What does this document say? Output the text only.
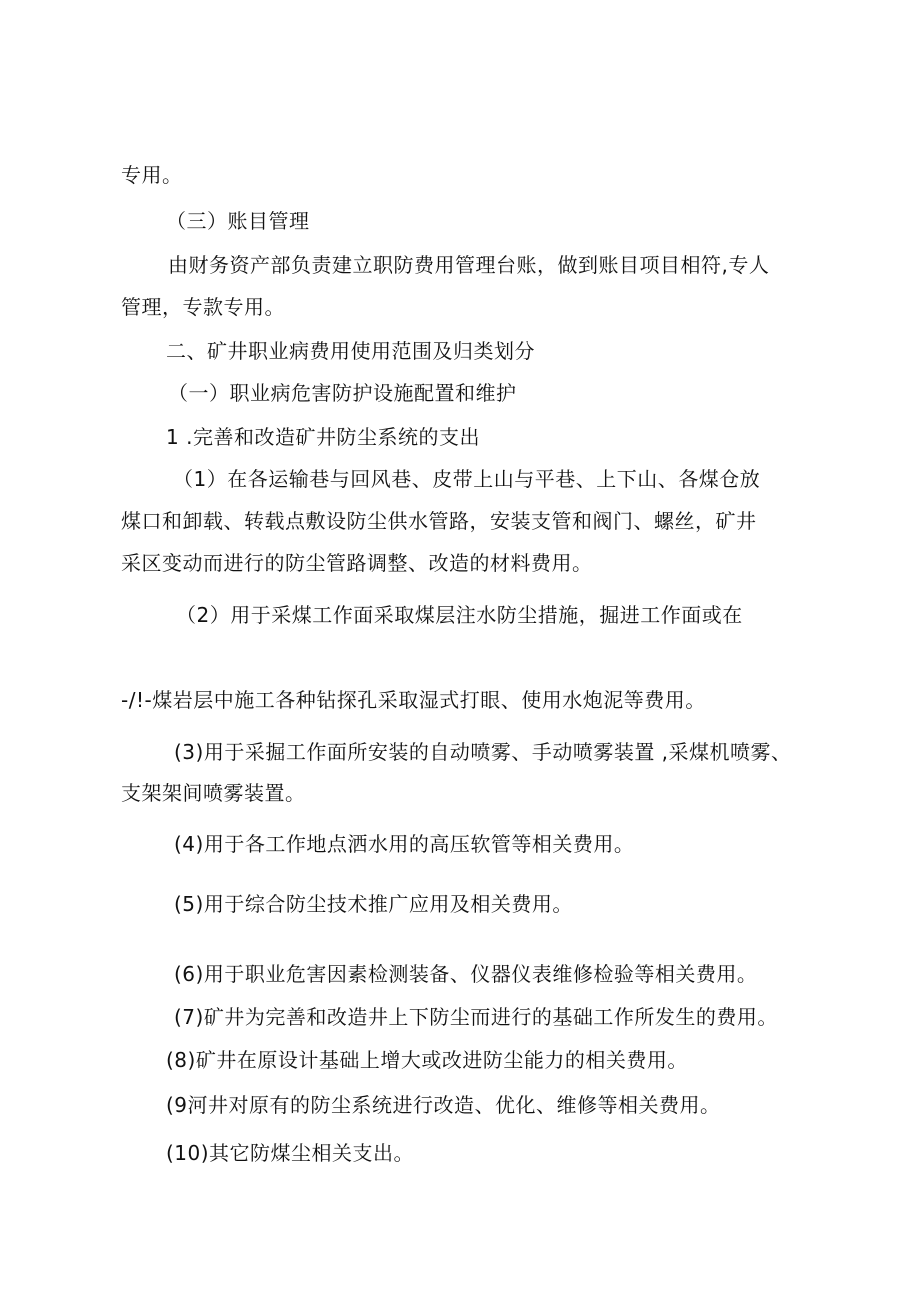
专用。
（三）账目管理
由财务资产部负责建立职防费用管理台账，做到账目项目相符,专人
管理，专款专用。
二、矿井职业病费用使用范围及归类划分
（一）职业病危害防护设施配置和维护
1 .完善和改造矿井防尘系统的支出
（1）在各运输巷与回风巷、皮带上山与平巷、上下山、各煤仓放
煤口和卸载、转载点敷设防尘供水管路，安装支管和阀门、螺丝，矿井
采区变动而进行的防尘管路调整、改造的材料费用。
（2）用于采煤工作面采取煤层注水防尘措施，掘进工作面或在
-/!-煤岩层中施工各种钻探孔采取湿式打眼、使用水炮泥等费用。
(3)用于采掘工作面所安装的自动喷雾、手动喷雾装置 ,采煤机喷雾、
支架架间喷雾装置。
(4)用于各工作地点洒水用的高压软管等相关费用。
(5)用于综合防尘技术推广应用及相关费用。
(6)用于职业危害因素检测装备、仪器仪表维修检验等相关费用。
(7)矿井为完善和改造井上下防尘而进行的基础工作所发生的费用。
(8)矿井在原设计基础上增大或改进防尘能力的相关费用。
(9河井对原有的防尘系统进行改造、优化、维修等相关费用。
(10)其它防煤尘相关支出。
